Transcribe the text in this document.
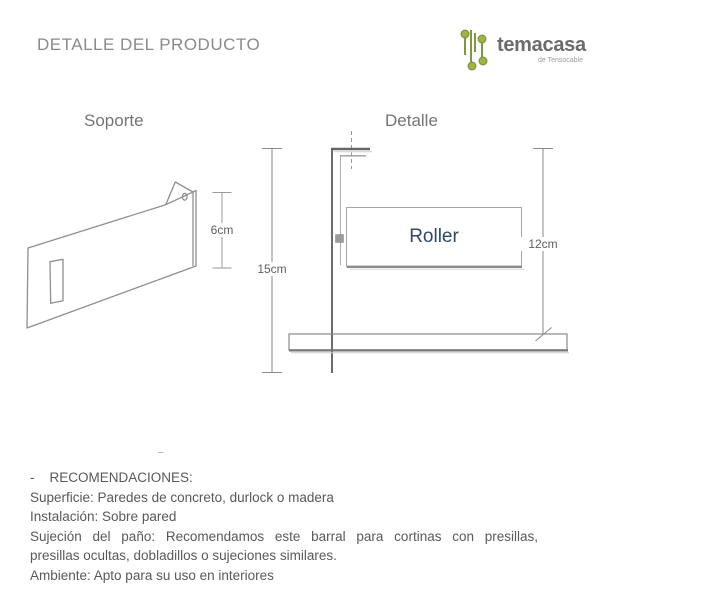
DETALLE DEL PRODUCTO	temacasa
de Tensocable
Soporte	Detalle
6cm
15cm
12cm
Roller
-    RECOMENDACIONES:
Superficie: Paredes de concreto, durlock o madera
Instalación: Sobre pared
Sujeción del paño: Recomendamos este barral para cortinas con presillas,
presillas ocultas, dobladillos o sujeciones similares.
Ambiente: Apto para su uso en interiores
